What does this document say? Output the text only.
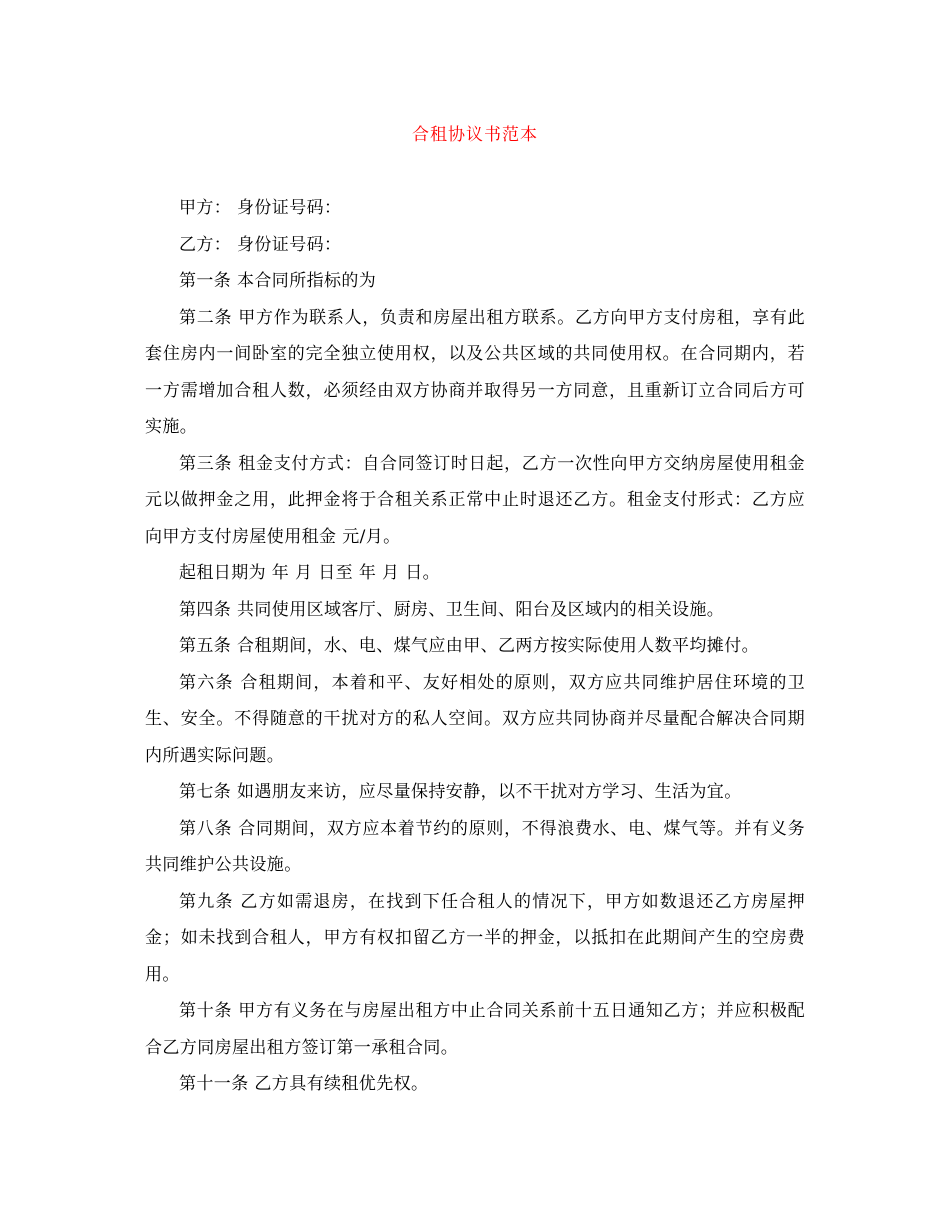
合租协议书范本

甲方： 身份证号码：

乙方： 身份证号码：

第一条 本合同所指标的为

第二条 甲方作为联系人，负责和房屋出租方联系。乙方向甲方支付房租，享有此套住房内一间卧室的完全独立使用权，以及公共区域的共同使用权。在合同期内，若一方需增加合租人数，必须经由双方协商并取得另一方同意，且重新订立合同后方可实施。

第三条 租金支付方式：自合同签订时日起，乙方一次性向甲方交纳房屋使用租金 元以做押金之用，此押金将于合租关系正常中止时退还乙方。租金支付形式：乙方应向甲方支付房屋使用租金 元/月。

起租日期为 年 月 日至 年 月 日。

第四条 共同使用区域客厅、厨房、卫生间、阳台及区域内的相关设施。

第五条 合租期间，水、电、煤气应由甲、乙两方按实际使用人数平均摊付。

第六条 合租期间，本着和平、友好相处的原则，双方应共同维护居住环境的卫生、安全。不得随意的干扰对方的私人空间。双方应共同协商并尽量配合解决合同期内所遇实际问题。

第七条 如遇朋友来访，应尽量保持安静，以不干扰对方学习、生活为宜。

第八条 合同期间，双方应本着节约的原则，不得浪费水、电、煤气等。并有义务共同维护公共设施。

第九条 乙方如需退房，在找到下任合租人的情况下，甲方如数退还乙方房屋押金；如未找到合租人，甲方有权扣留乙方一半的押金，以抵扣在此期间产生的空房费用。

第十条 甲方有义务在与房屋出租方中止合同关系前十五日通知乙方；并应积极配合乙方同房屋出租方签订第一承租合同。

第十一条 乙方具有续租优先权。
